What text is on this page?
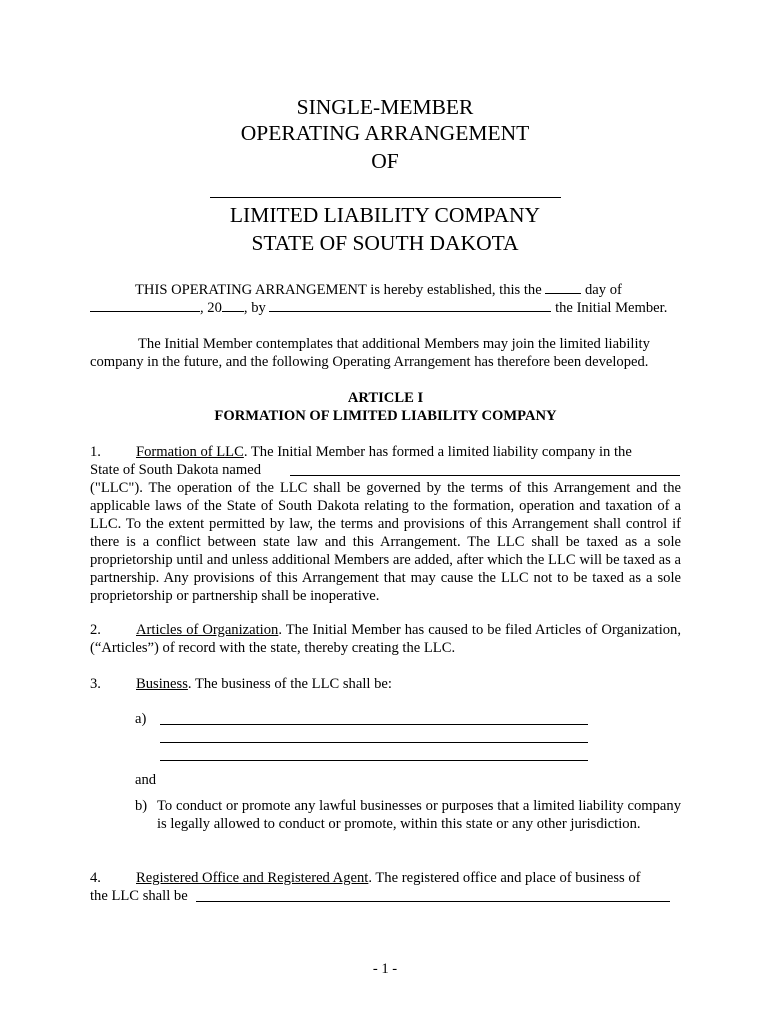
SINGLE-MEMBER
OPERATING ARRANGEMENT
OF
LIMITED LIABILITY COMPANY
STATE OF SOUTH DAKOTA
THIS OPERATING ARRANGEMENT is hereby established, this the  day of
, 20 , by	the Initial Member.
The Initial Member contemplates that additional Members may join the limited liability company in the future, and the following Operating Arrangement has therefore been developed.
ARTICLE I
FORMATION OF LIMITED LIABILITY COMPANY
1. Formation of LLC. The Initial Member has formed a limited liability company in the
State of South Dakota named
("LLC"). The operation of the LLC shall be governed by the terms of this Arrangement and the applicable laws of the State of South Dakota relating to the formation, operation and taxation of a LLC. To the extent permitted by law, the terms and provisions of this Arrangement shall control if there is a conflict between state law and this Arrangement. The LLC shall be taxed as a sole proprietorship until and unless additional Members are added, after which the LLC will be taxed as a partnership. Any provisions of this Arrangement that may cause the LLC not to be taxed as a sole proprietorship or partnership shall be inoperative.
2. Articles of Organization. The Initial Member has caused to be filed Articles of Organization, (“Articles”) of record with the state, thereby creating the LLC.
3. Business. The business of the LLC shall be:
a)
and
b) To conduct or promote any lawful businesses or purposes that a limited liability company is legally allowed to conduct or promote, within this state or any other jurisdiction.
4. Registered Office and Registered Agent. The registered office and place of business of
the LLC shall be
- 1 -
